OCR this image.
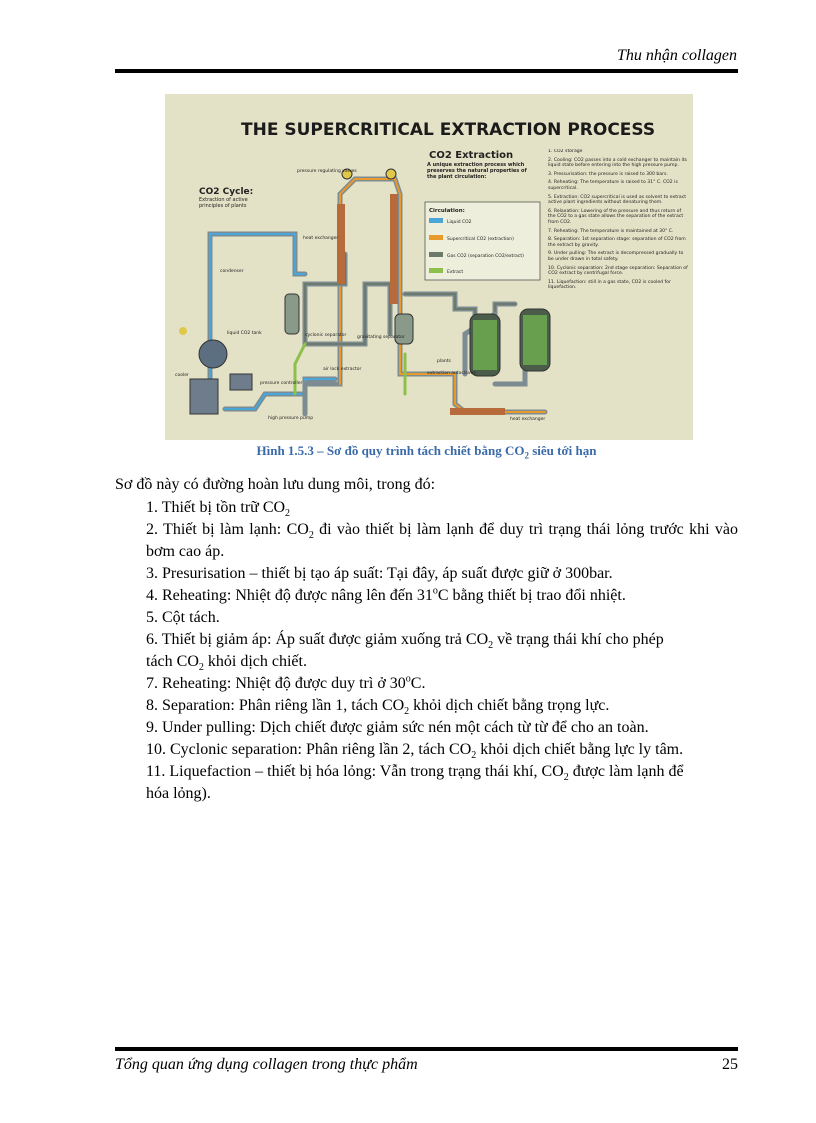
Thu nhận collagen
THE SUPERCRITICAL EXTRACTION PROCESS
CO2 Extraction
A unique extraction process which preserves the natural properties of the plant circulation:
CO2 Cycle:
Extraction of active principles of plants
Circulation:
Liquid CO2
Supercritical CO2 (extraction)
Gas CO2 (separation CO2/extract)
Extract
pressure regulating valves
heat exchanger
condenser
liquid CO2 tank	cyclonic separator gravitating separator
cooler
pressure controller
air lock extractor
high pressure pump
plants
extraction autoclaves
heat exchanger
1. CO2 storage
2. Cooling: CO2 passes into a cold exchanger to maintain its liquid state before entering into the high pressure pump.
3. Pressurisation: the pressure is raised to 300 bars.
4. Reheating: The temperature is raised to 31° C. CO2 is supercritical.
5. Extraction: CO2 supercritical is used as solvent to extract active plant ingredients without denaturing them.
6. Relaxation: Lowering of the pressure and thus return of the CO2 to a gas state allows the separation of the extract from CO2.
7. Reheating: The temperature is maintained at 30° C.
8. Separation: 1st separation stage: separation of CO2 from the extract by gravity.
9. Under pulling: The extract is decompressed gradually to be under drawn in total safety.
10. Cyclonic separation: 2nd stage separation: Separation of CO2 extract by centrifugal force.
11. Liquefaction: still in a gas state, CO2 is cooled for liquefaction.
Hình 1.5.3 – Sơ đồ quy trình tách chiết bằng $CO_2$ siêu tới hạn
Sơ đồ này có đường hoàn lưu dung môi, trong đó:
1. Thiết bị tồn trữ $CO_2$
2. Thiết bị làm lạnh: $CO_2$ đi vào thiết bị làm lạnh để duy trì trạng thái lỏng trước khi vào bơm cao áp.
3. Presurisation – thiết bị tạo áp suất: Tại đây, áp suất được giữ ở 300bar.
4. Reheating: Nhiệt độ được nâng lên đến 31$^o$C bằng thiết bị trao đổi nhiệt.
5. Cột tách.
6. Thiết bị giảm áp: Áp suất được giảm xuống trả $CO_2$ về trạng thái khí cho phép
tách $CO_2$ khỏi dịch chiết.
7. Reheating: Nhiệt độ được duy trì ở 30$^o$C.
8. Separation: Phân riêng lần 1, tách $CO_2$ khỏi dịch chiết bằng trọng lực.
9. Under pulling: Dịch chiết được giảm sức nén một cách từ từ để cho an toàn.
10. Cyclonic separation: Phân riêng lần 2, tách $CO_2$ khỏi dịch chiết bằng lực ly tâm.
11. Liquefaction – thiết bị hóa lỏng: Vẫn trong trạng thái khí, $CO_2$ được làm lạnh để
hóa lỏng).
Tổng quan ứng dụng collagen trong thực phẩm	25
